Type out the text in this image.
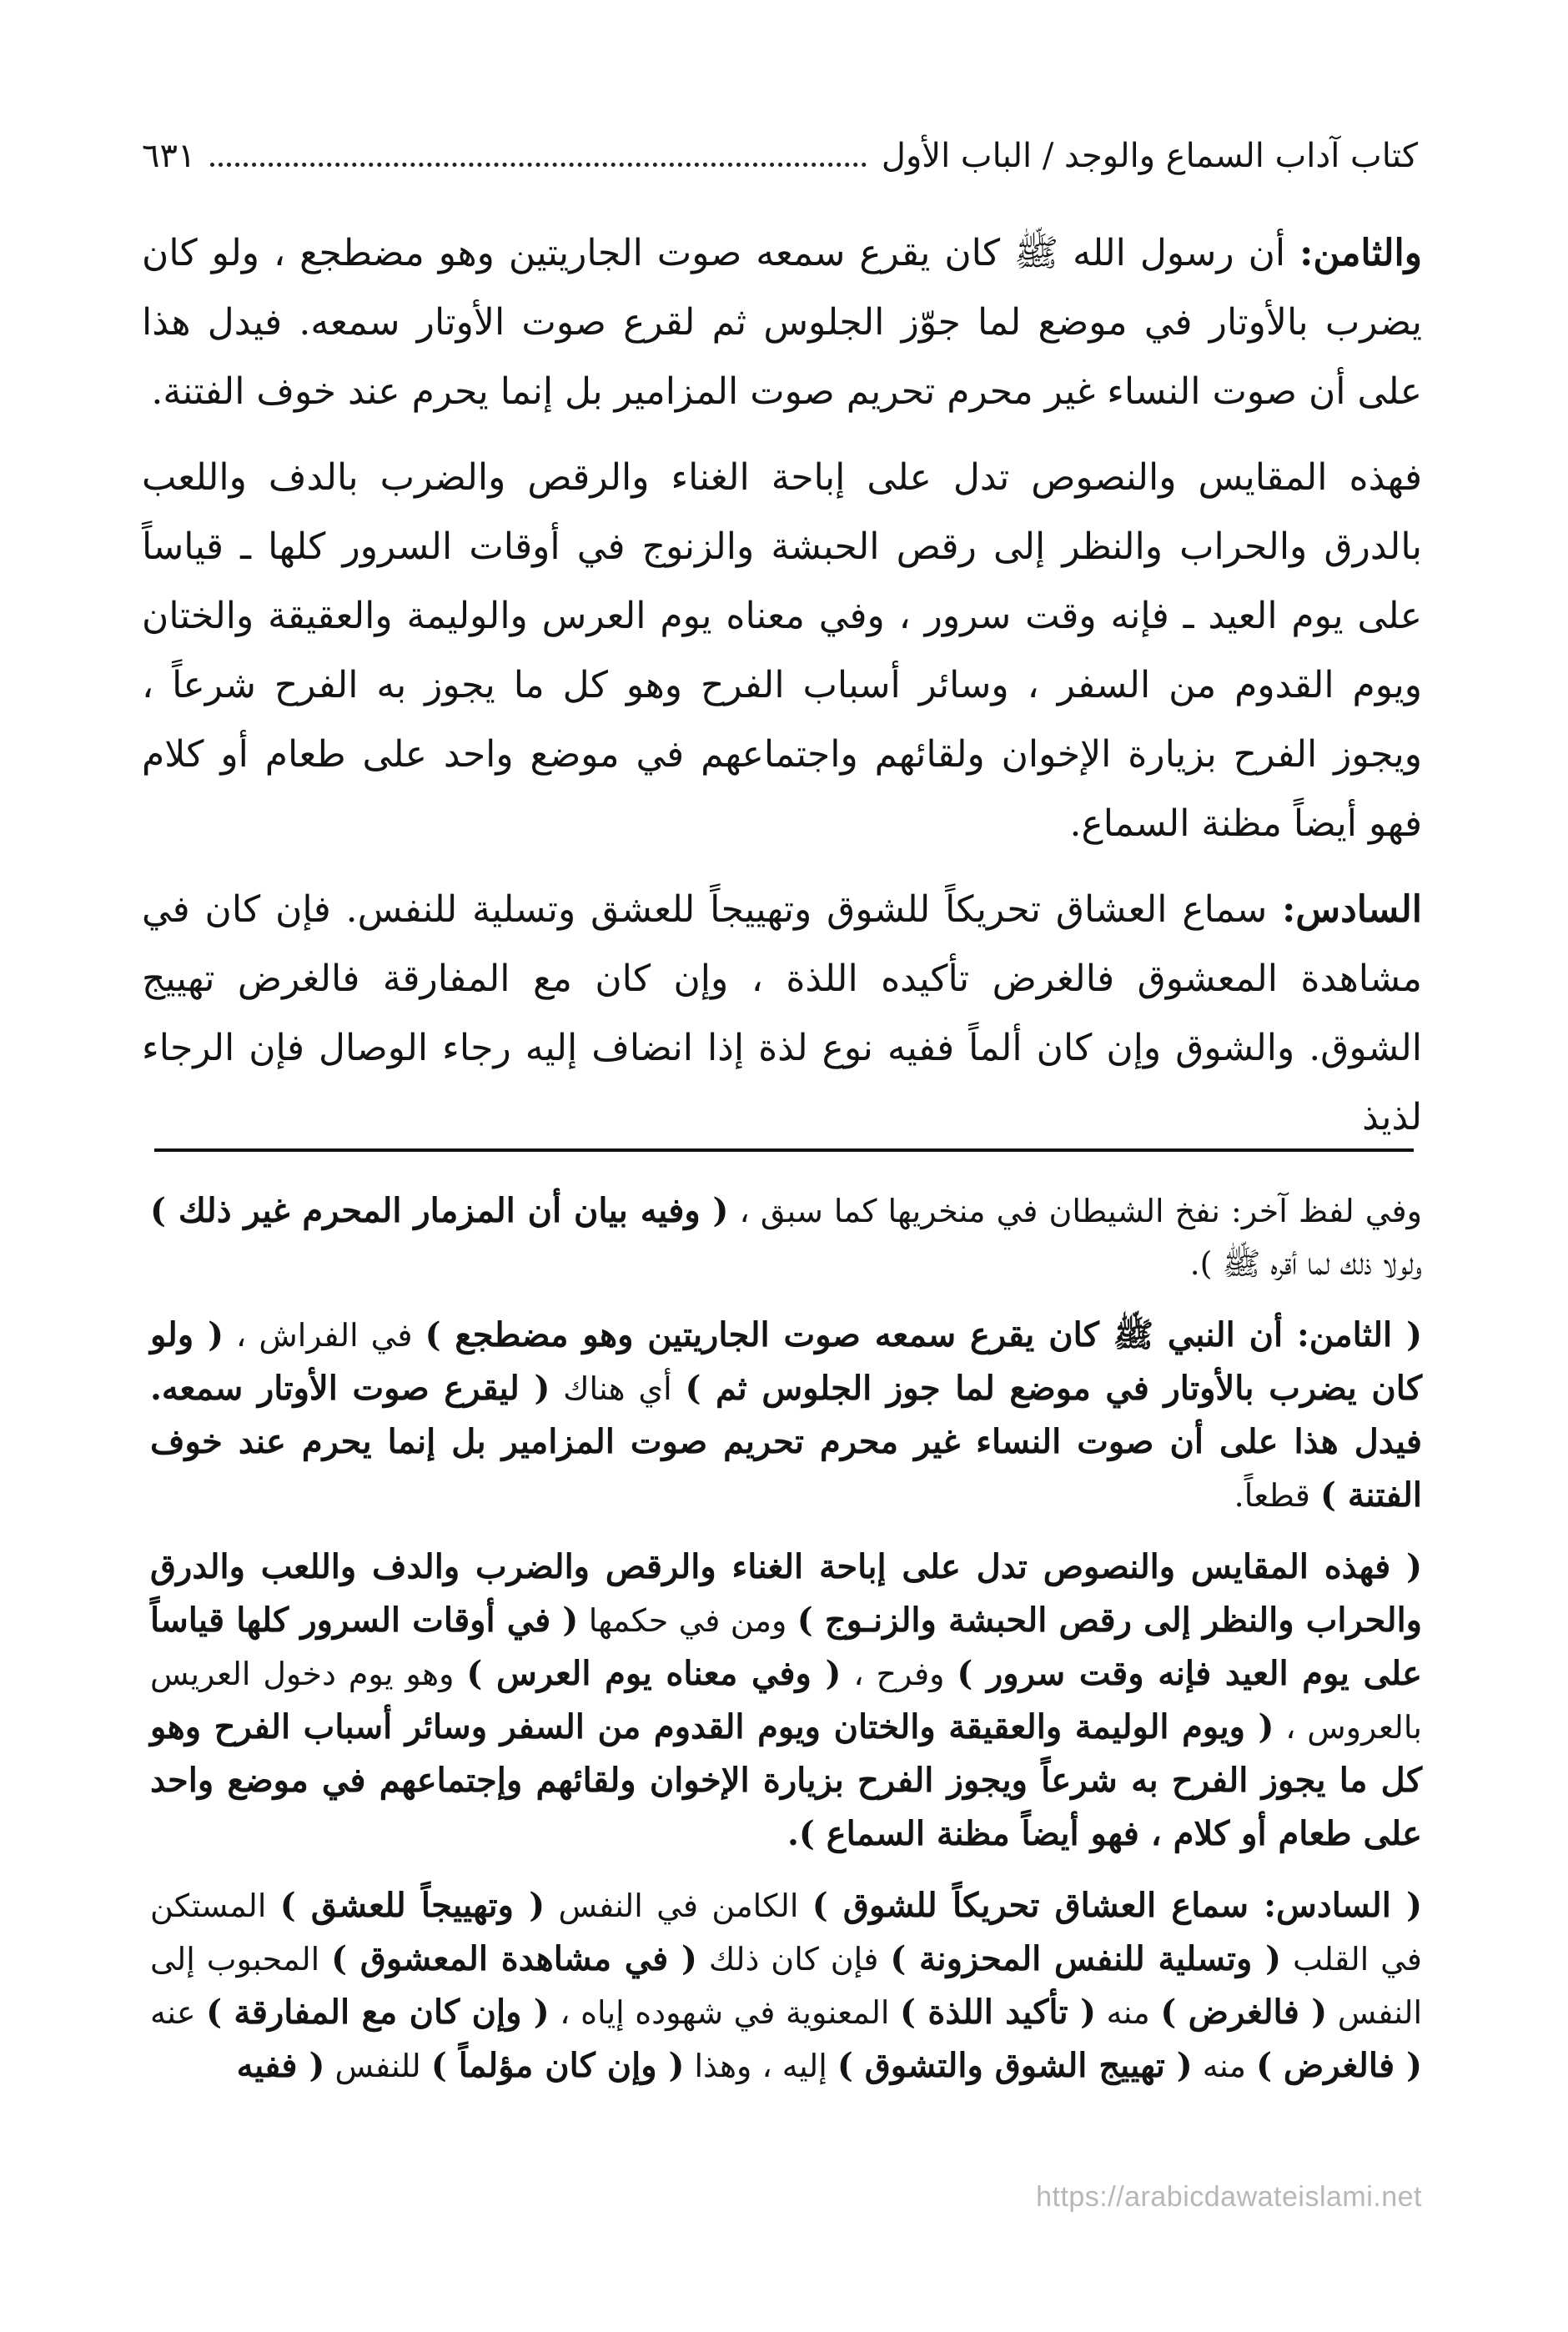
كتاب آداب السماع والوجد / الباب الأول
٦٣١

والثامن: أن رسول الله ﷺ كان يقرع سمعه صوت الجاريتين وهو مضطجع ، ولو كان يضرب بالأوتار في موضع لما جوّز الجلوس ثم لقرع صوت الأوتار سمعه. فيدل هذا على أن صوت النساء غير محرم تحريم صوت المزامير بل إنما يحرم عند خوف الفتنة.

فهذه المقايس والنصوص تدل على إباحة الغناء والرقص والضرب بالدف واللعب بالدرق والحراب والنظر إلى رقص الحبشة والزنوج في أوقات السرور كلها ـ قياساً على يوم العيد ـ فإنه وقت سرور ، وفي معناه يوم العرس والوليمة والعقيقة والختان ويوم القدوم من السفر ، وسائر أسباب الفرح وهو كل ما يجوز به الفرح شرعاً ، ويجوز الفرح بزيارة الإخوان ولقائهم واجتماعهم في موضع واحد على طعام أو كلام فهو أيضاً مظنة السماع.

السادس: سماع العشاق تحريكاً للشوق وتهييجاً للعشق وتسلية للنفس. فإن كان في مشاهدة المعشوق فالغرض تأكيده اللذة ، وإن كان مع المفارقة فالغرض تهييج الشوق. والشوق وإن كان ألماً ففيه نوع لذة إذا انضاف إليه رجاء الوصال فإن الرجاء لذيذ

وفي لفظ آخر: نفخ الشيطان في منخريها كما سبق ، ( وفيه بيان أن المزمار المحرم غير ذلك ) ولولا ذلك لما أقره ﷺ ).

( الثامن: أن النبي ﷺ كان يقرع سمعه صوت الجاريتين وهو مضطجع ) في الفراش ، ( ولو كان يضرب بالأوتار في موضع لما جوز الجلوس ثم ) أي هناك ( ليقرع صوت الأوتار سمعه. فيدل هذا على أن صوت النساء غير محرم تحريم صوت المزامير بل إنما يحرم عند خوف الفتنة ) قطعاً.

( فهذه المقايس والنصوص تدل على إباحة الغناء والرقص والضرب والدف واللعب والدرق والحراب والنظر إلى رقص الحبشة والزنـوج ) ومن في حكمها ( في أوقات السرور كلها قياساً على يوم العيد فإنه وقت سرور ) وفرح ، ( وفي معناه يوم العرس ) وهو يوم دخول العريس بالعروس ، ( ويوم الوليمة والعقيقة والختان ويوم القدوم من السفر وسائر أسباب الفرح وهو كل ما يجوز الفرح به شرعاً ويجوز الفرح بزيارة الإخوان ولقائهم وإجتماعهم في موضع واحد على طعام أو كلام ، فهو أيضاً مظنة السماع ).

( السادس: سماع العشاق تحريكاً للشوق ) الكامن في النفس ( وتهييجاً للعشق ) المستكن في القلب ( وتسلية للنفس المحزونة ) فإن كان ذلك ( في مشاهدة المعشوق ) المحبوب إلى النفس ( فالغرض ) منه ( تأكيد اللذة ) المعنوية في شهوده إياه ، ( وإن كان مع المفارقة ) عنه ( فالغرض ) منه ( تهييج الشوق والتشوق ) إليه ، وهذا ( وإن كان مؤلماً ) للنفس ( ففيه

https://arabicdawateislami.net
